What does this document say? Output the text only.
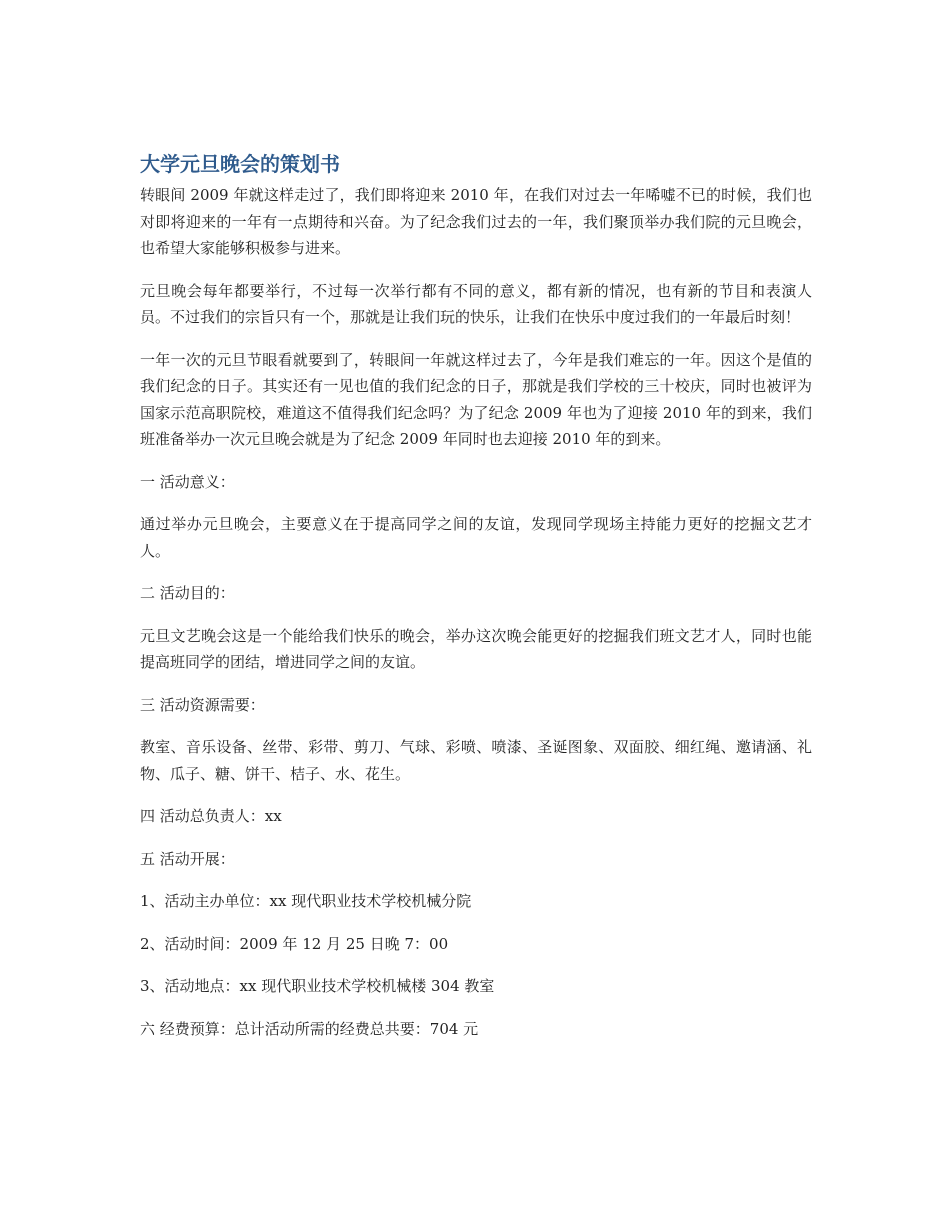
大学元旦晚会的策划书

转眼间 2009 年就这样走过了，我们即将迎来 2010 年，在我们对过去一年唏嘘不已的时候，我们也对即将迎来的一年有一点期待和兴奋。为了纪念我们过去的一年，我们聚顶举办我们院的元旦晚会，也希望大家能够积极参与进来。

元旦晚会每年都要举行，不过每一次举行都有不同的意义，都有新的情况，也有新的节目和表演人员。不过我们的宗旨只有一个，那就是让我们玩的快乐，让我们在快乐中度过我们的一年最后时刻！

一年一次的元旦节眼看就要到了，转眼间一年就这样过去了，今年是我们难忘的一年。因这个是值的我们纪念的日子。其实还有一见也值的我们纪念的日子，那就是我们学校的三十校庆，同时也被评为国家示范高职院校，难道这不值得我们纪念吗？为了纪念 2009 年也为了迎接 2010 年的到来，我们班准备举办一次元旦晚会就是为了纪念 2009 年同时也去迎接 2010 年的到来。

一 活动意义：

通过举办元旦晚会，主要意义在于提高同学之间的友谊，发现同学现场主持能力更好的挖掘文艺才人。

二 活动目的：

元旦文艺晚会这是一个能给我们快乐的晚会，举办这次晚会能更好的挖掘我们班文艺才人，同时也能提高班同学的团结，增进同学之间的友谊。

三 活动资源需要：

教室、音乐设备、丝带、彩带、剪刀、气球、彩喷、喷漆、圣诞图象、双面胶、细红绳、邀请涵、礼物、瓜子、糖、饼干、桔子、水、花生。

四 活动总负责人：xx

五 活动开展：

1、活动主办单位：xx 现代职业技术学校机械分院

2、活动时间：2009 年 12 月 25 日晚 7：00

3、活动地点：xx 现代职业技术学校机械楼 304 教室

六 经费预算：总计活动所需的经费总共要：704 元
